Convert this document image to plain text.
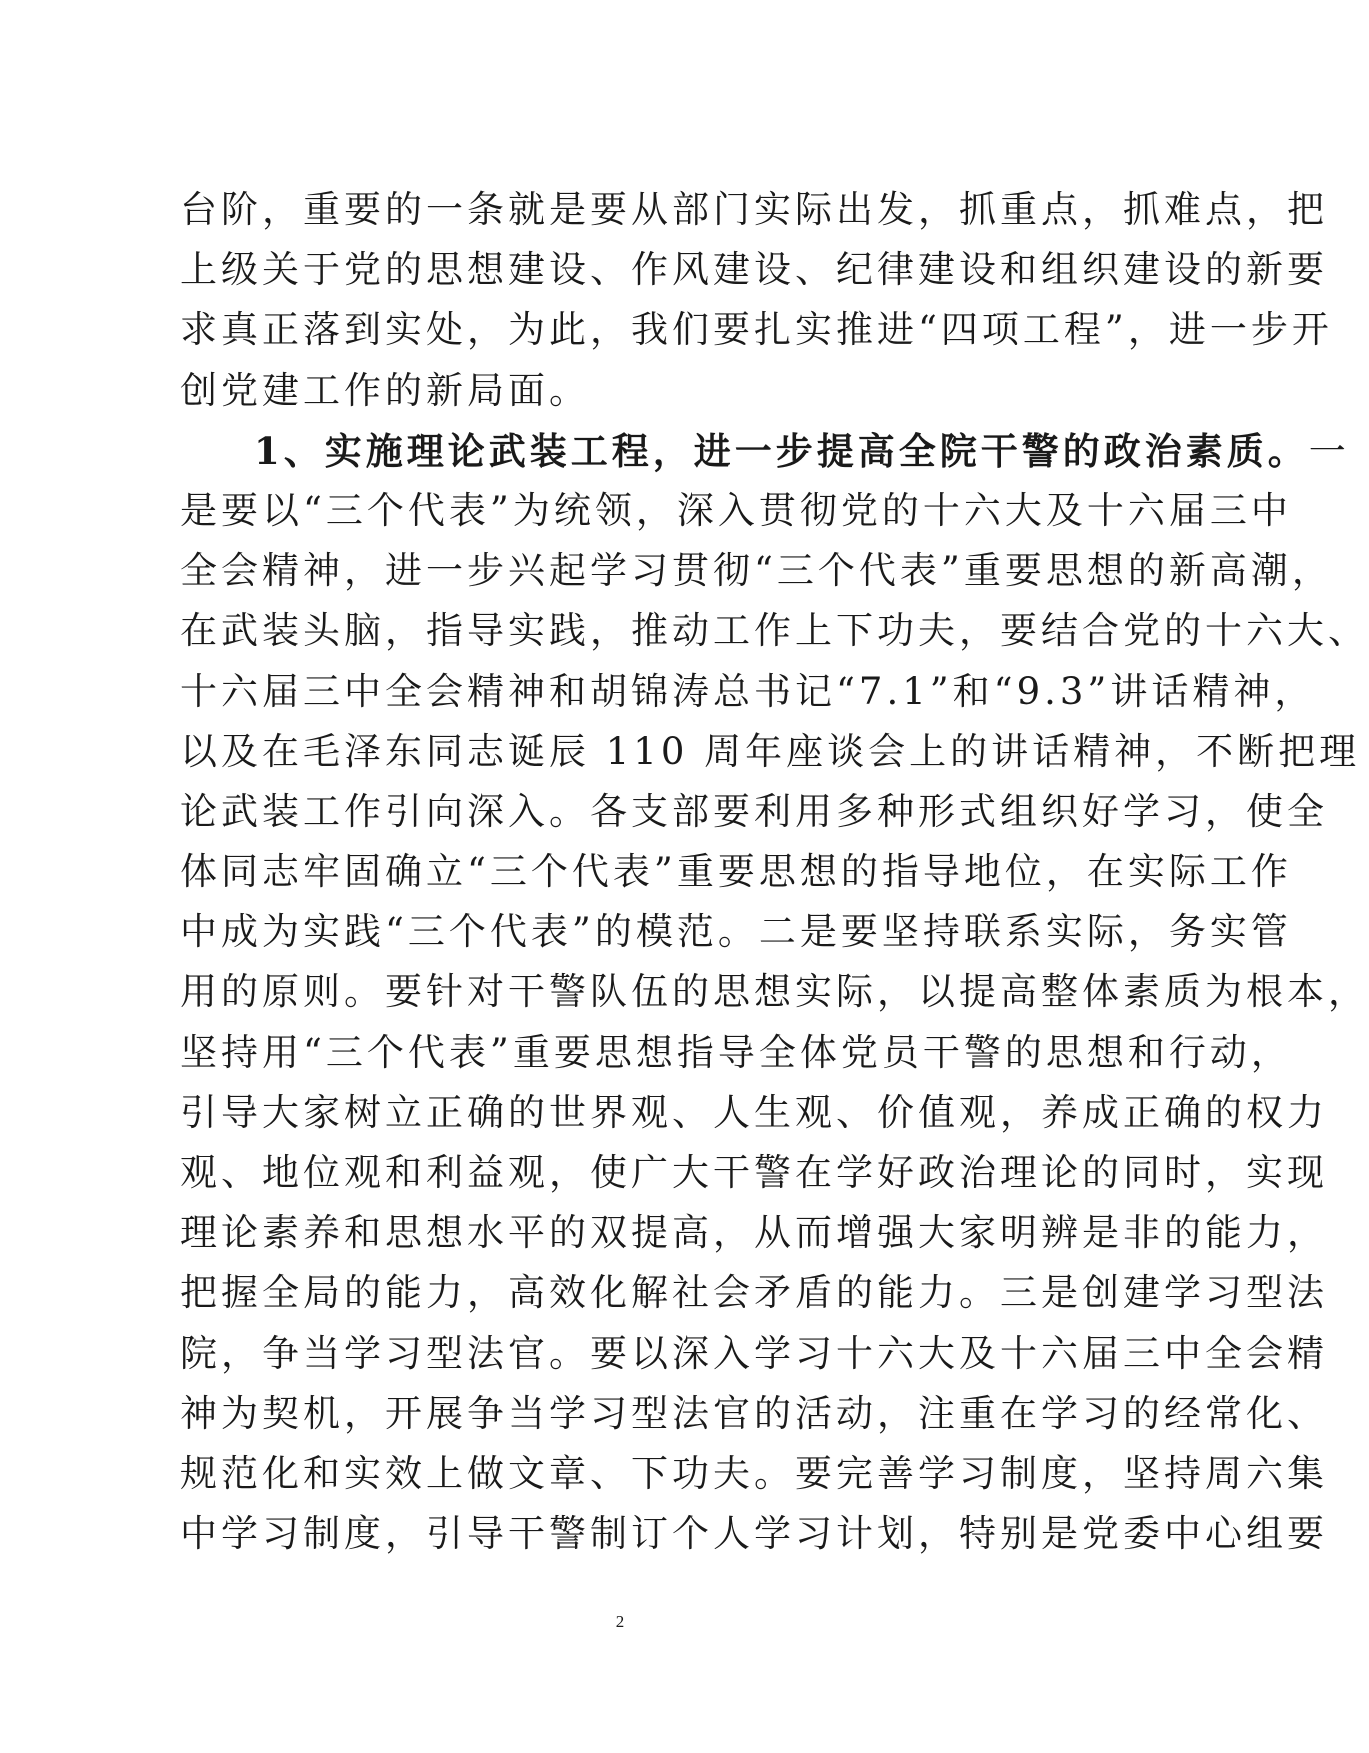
台阶，重要的一条就是要从部门实际出发，抓重点，抓难点，把
上级关于党的思想建设、作风建设、纪律建设和组织建设的新要
求真正落到实处，为此，我们要扎实推进“四项工程”，进一步开
创党建工作的新局面。
1、实施理论武装工程，进一步提高全院干警的政治素质。一
是要以“三个代表”为统领，深入贯彻党的十六大及十六届三中
全会精神，进一步兴起学习贯彻“三个代表”重要思想的新高潮，
在武装头脑，指导实践，推动工作上下功夫，要结合党的十六大、
十六届三中全会精神和胡锦涛总书记“7.1”和“9.3”讲话精神，
以及在毛泽东同志诞辰 110 周年座谈会上的讲话精神，不断把理
论武装工作引向深入。各支部要利用多种形式组织好学习，使全
体同志牢固确立“三个代表”重要思想的指导地位，在实际工作
中成为实践“三个代表”的模范。二是要坚持联系实际，务实管
用的原则。要针对干警队伍的思想实际，以提高整体素质为根本，
坚持用“三个代表”重要思想指导全体党员干警的思想和行动，
引导大家树立正确的世界观、人生观、价值观，养成正确的权力
观、地位观和利益观，使广大干警在学好政治理论的同时，实现
理论素养和思想水平的双提高，从而增强大家明辨是非的能力，
把握全局的能力，高效化解社会矛盾的能力。三是创建学习型法
院，争当学习型法官。要以深入学习十六大及十六届三中全会精
神为契机，开展争当学习型法官的活动，注重在学习的经常化、
规范化和实效上做文章、下功夫。要完善学习制度，坚持周六集
中学习制度，引导干警制订个人学习计划，特别是党委中心组要
2
